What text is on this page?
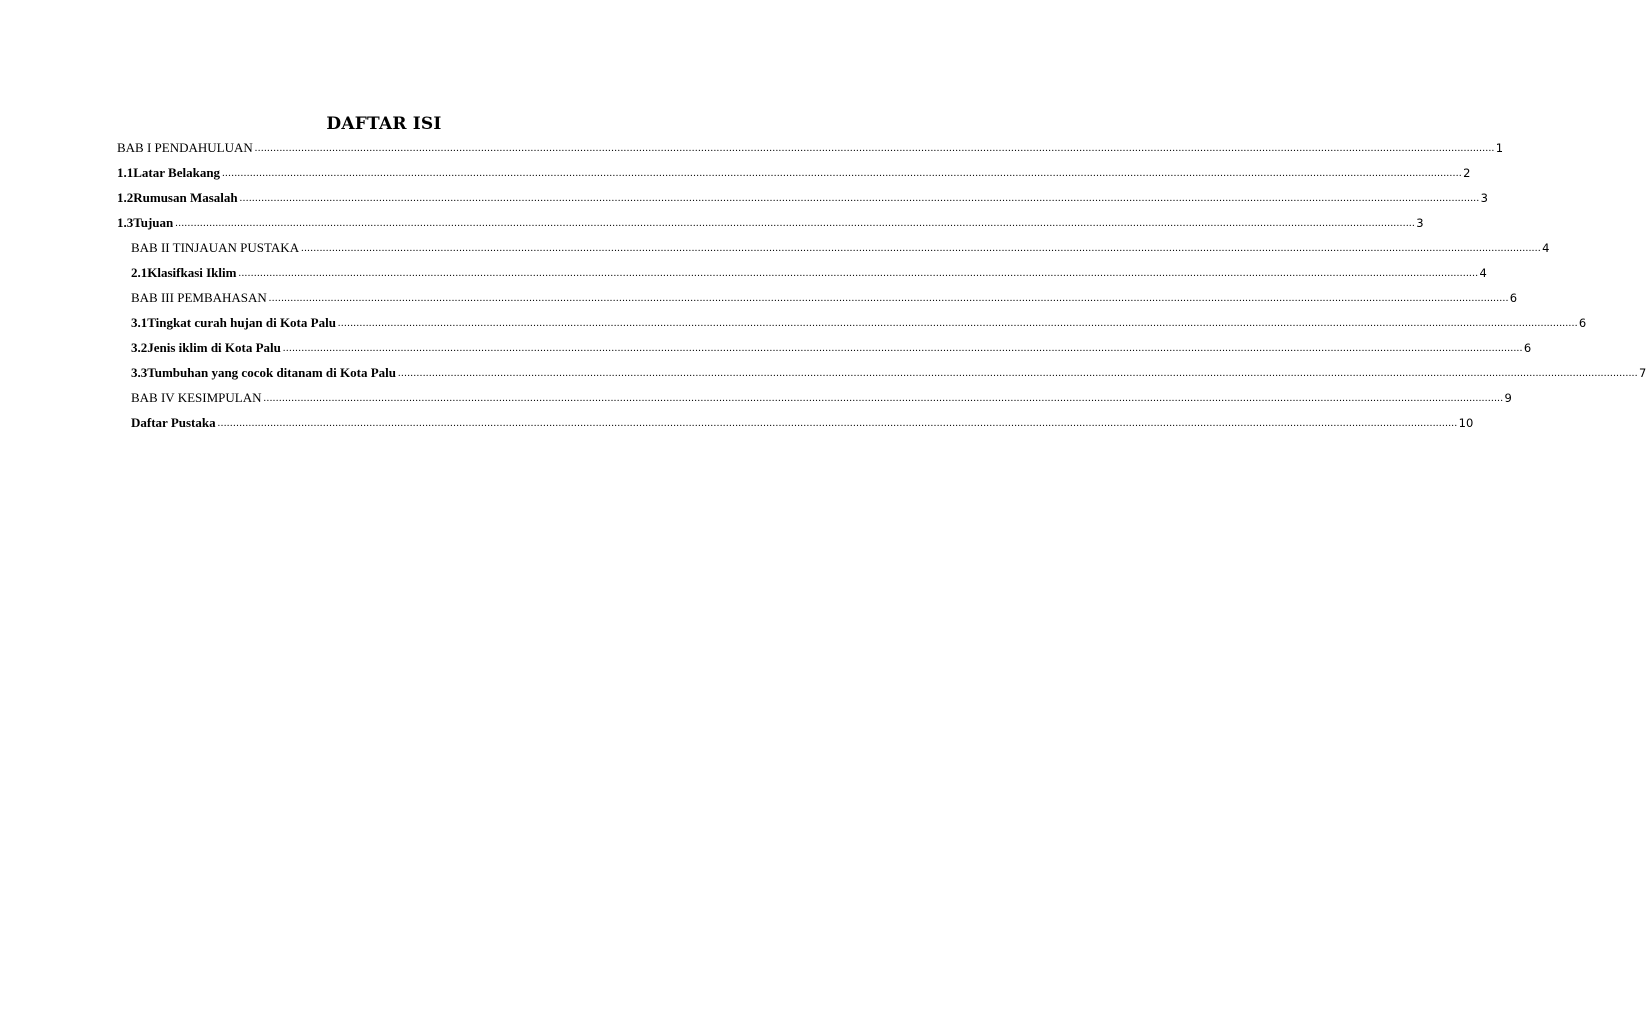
DAFTAR ISI
BAB I PENDAHULUAN ................................................................................................................................................................................................................................................................................................................................................................................................................ 1
1.1 Latar Belakang ................................................................................................................................................................................................................................................................................................................................................................................................................ 2
1.2 Rumusan Masalah ................................................................................................................................................................................................................................................................................................................................................................................................................ 3
1.3 Tujuan ................................................................................................................................................................................................................................................................................................................................................................................................................ 3
BAB II TINJAUAN PUSTAKA ................................................................................................................................................................................................................................................................................................................................................................................................................ 4
2.1 Klasifkasi Iklim ................................................................................................................................................................................................................................................................................................................................................................................................................ 4
BAB III PEMBAHASAN ................................................................................................................................................................................................................................................................................................................................................................................................................ 6
3.1 Tingkat curah hujan di Kota Palu ................................................................................................................................................................................................................................................................................................................................................................................................................ 6
3.2 Jenis iklim di Kota Palu ................................................................................................................................................................................................................................................................................................................................................................................................................ 6
3.3 Tumbuhan yang cocok ditanam di Kota Palu ................................................................................................................................................................................................................................................................................................................................................................................................................ 7
BAB IV KESIMPULAN ................................................................................................................................................................................................................................................................................................................................................................................................................ 9
Daftar Pustaka ................................................................................................................................................................................................................................................................................................................................................................................................................ 10
